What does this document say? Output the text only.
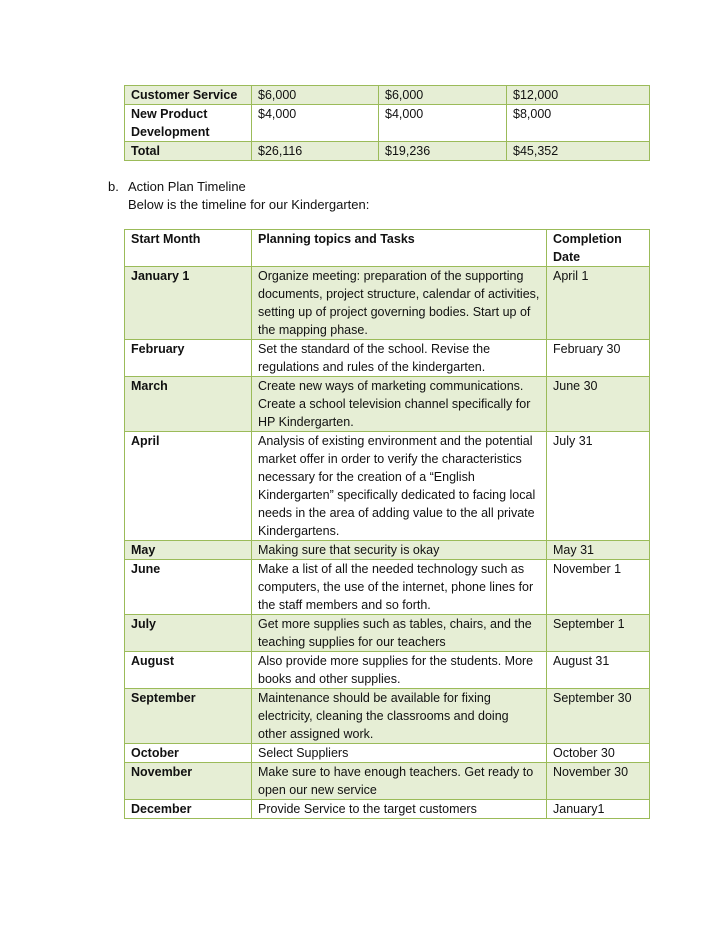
Customer Service	$6,000	$6,000	$12,000
New Product Development	$4,000	$4,000	$8,000
Total	$26,116	$19,236	$45,352
b. Action Plan Timeline
Below is the timeline for our Kindergarten:
Start Month	Planning topics and Tasks	Completion Date
January 1	Organize meeting: preparation of the supporting documents, project structure, calendar of activities, setting up of project governing bodies. Start up of the mapping phase.	April 1
February	Set the standard of the school. Revise the regulations and rules of the kindergarten.	February 30
March	Create new ways of marketing communications. Create a school television channel specifically for HP Kindergarten.	June 30
April	Analysis of existing environment and the potential market offer in order to verify the characteristics necessary for the creation of a “English Kindergarten” specifically dedicated to facing local needs in the area of adding value to the all private Kindergartens.	July 31
May	Making sure that security is okay	May 31
June	Make a list of all the needed technology such as computers, the use of the internet, phone lines for the staff members and so forth.	November 1
July	Get more supplies such as tables, chairs, and the teaching supplies for our teachers	September 1
August	Also provide more supplies for the students. More books and other supplies.	August 31
September	Maintenance should be available for fixing electricity, cleaning the classrooms and doing other assigned work.	September 30
October	Select Suppliers	October 30
November	Make sure to have enough teachers. Get ready to open our new service	November 30
December	Provide Service to the target customers	January1
